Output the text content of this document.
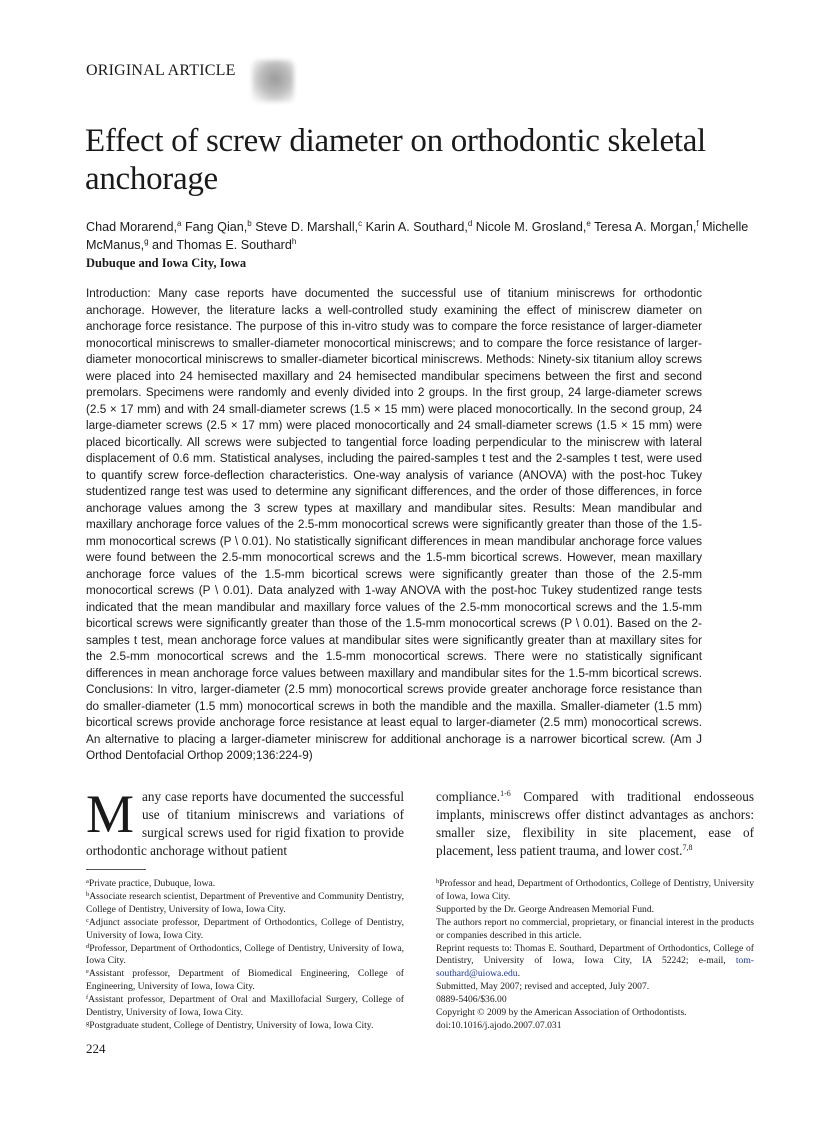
ORIGINAL ARTICLE
Effect of screw diameter on orthodontic skeletal anchorage
Chad Morarend,$^a$ Fang Qian,$^b$ Steve D. Marshall,$^c$ Karin A. Southard,$^d$ Nicole M. Grosland,$^e$ Teresa A. Morgan,$^f$ Michelle McManus,$^g$ and Thomas E. Southard$^h$
Dubuque and Iowa City, Iowa

Introduction: Many case reports have documented the successful use of titanium miniscrews for orthodontic anchorage. However, the literature lacks a well-controlled study examining the effect of miniscrew diameter on anchorage force resistance. The purpose of this in-vitro study was to compare the force resistance of larger-diameter monocortical miniscrews to smaller-diameter monocortical miniscrews; and to compare the force resistance of larger-diameter monocortical miniscrews to smaller-diameter bicortical miniscrews. Methods: Ninety-six titanium alloy screws were placed into 24 hemisected maxillary and 24 hemisected mandibular specimens between the first and second premolars. Specimens were randomly and evenly divided into 2 groups. In the first group, 24 large-diameter screws (2.5 × 17 mm) and with 24 small-diameter screws (1.5 × 15 mm) were placed monocortically. In the second group, 24 large-diameter screws (2.5 × 17 mm) were placed monocortically and 24 small-diameter screws (1.5 × 15 mm) were placed bicortically. All screws were subjected to tangential force loading perpendicular to the miniscrew with lateral displacement of 0.6 mm. Statistical analyses, including the paired-samples t test and the 2-samples t test, were used to quantify screw force-deflection characteristics. One-way analysis of variance (ANOVA) with the post-hoc Tukey studentized range test was used to determine any significant differences, and the order of those differences, in force anchorage values among the 3 screw types at maxillary and mandibular sites. Results: Mean mandibular and maxillary anchorage force values of the 2.5-mm monocortical screws were significantly greater than those of the 1.5-mm monocortical screws (P \ 0.01). No statistically significant differences in mean mandibular anchorage force values were found between the 2.5-mm monocortical screws and the 1.5-mm bicortical screws. However, mean maxillary anchorage force values of the 1.5-mm bicortical screws were significantly greater than those of the 2.5-mm monocortical screws (P \ 0.01). Data analyzed with 1-way ANOVA with the post-hoc Tukey studentized range tests indicated that the mean mandibular and maxillary force values of the 2.5-mm monocortical screws and the 1.5-mm bicortical screws were significantly greater than those of the 1.5-mm monocortical screws (P \ 0.01). Based on the 2-samples t test, mean anchorage force values at mandibular sites were significantly greater than at maxillary sites for the 2.5-mm monocortical screws and the 1.5-mm monocortical screws. There were no statistically significant differences in mean anchorage force values between maxillary and mandibular sites for the 1.5-mm bicortical screws. Conclusions: In vitro, larger-diameter (2.5 mm) monocortical screws provide greater anchorage force resistance than do smaller-diameter (1.5 mm) monocortical screws in both the mandible and the maxilla. Smaller-diameter (1.5 mm) bicortical screws provide anchorage force resistance at least equal to larger-diameter (2.5 mm) monocortical screws. An alternative to placing a larger-diameter miniscrew for additional anchorage is a narrower bicortical screw. (Am J Orthod Dentofacial Orthop 2009;136:224-9)

Many case reports have documented the successful use of titanium miniscrews and variations of surgical screws used for rigid fixation to provide orthodontic anchorage without patient

compliance.$^{1-6}$ Compared with traditional endosseous implants, miniscrews offer distinct advantages as anchors: smaller size, flexibility in site placement, ease of placement, less patient trauma, and lower cost.$^{7,8}$

$^a$Private practice, Dubuque, Iowa.

$^b$Associate research scientist, Department of Preventive and Community Dentistry, College of Dentistry, University of Iowa, Iowa City.

$^c$Adjunct associate professor, Department of Orthodontics, College of Dentistry, University of Iowa, Iowa City.

$^d$Professor, Department of Orthodontics, College of Dentistry, University of Iowa, Iowa City.

$^e$Assistant professor, Department of Biomedical Engineering, College of Engineering, University of Iowa, Iowa City.

$^f$Assistant professor, Department of Oral and Maxillofacial Surgery, College of Dentistry, University of Iowa, Iowa City.

$^g$Postgraduate student, College of Dentistry, University of Iowa, Iowa City.

$^h$Professor and head, Department of Orthodontics, College of Dentistry, University of Iowa, Iowa City.

Supported by the Dr. George Andreasen Memorial Fund.

The authors report no commercial, proprietary, or financial interest in the products or companies described in this article.

Reprint requests to: Thomas E. Southard, Department of Orthodontics, College of Dentistry, University of Iowa, Iowa City, IA 52242; e-mail, tom-southard@uiowa.edu.

Submitted, May 2007; revised and accepted, July 2007.

0889-5406/$36.00

Copyright © 2009 by the American Association of Orthodontists.

doi:10.1016/j.ajodo.2007.07.031

224
